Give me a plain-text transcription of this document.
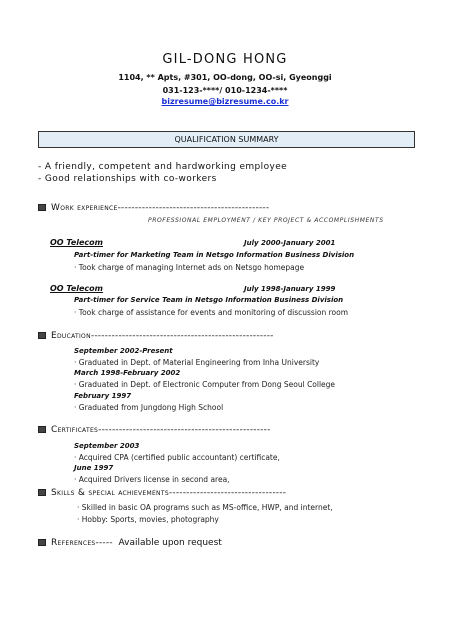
GIL-DONG HONG
1104, ** Apts, #301, OO-dong, OO-si, Gyeonggi
031-123-****/ 010-1234-****
bizresume@bizresume.co.kr
QUALIFICATION SUMMARY
- A friendly, competent and hardworking employee
- Good relationships with co-workers
Work experience--------------------------------------------
PROFESSIONAL EMPLOYMENT / KEY PROJECT & ACCOMPLISHMENTS
OO Telecom	July 2000-January 2001
Part-timer for Marketing Team in Netsgo Information Business Division
· Took charge of managing Internet ads on Netsgo homepage
OO Telecom	July 1998-January 1999
Part-timer for Service Team in Netsgo Information Business Division
· Took charge of assistance for events and monitoring of discussion room
Education-----------------------------------------------------
September 2002-Present
· Graduated in Dept. of Material Engineering from Inha University
March 1998-February 2002
· Graduated in Dept. of Electronic Computer from Dong Seoul College
February 1997
· Graduated from Jungdong High School
Certificates--------------------------------------------------
September 2003
· Acquired CPA (certified public accountant) certificate,
June 1997
· Acquired Drivers license in second area,
Skills & special achievements----------------------------------
· Skilled in basic OA programs such as MS-office, HWP, and internet,
· Hobby: Sports, movies, photography
References----- Available upon request
